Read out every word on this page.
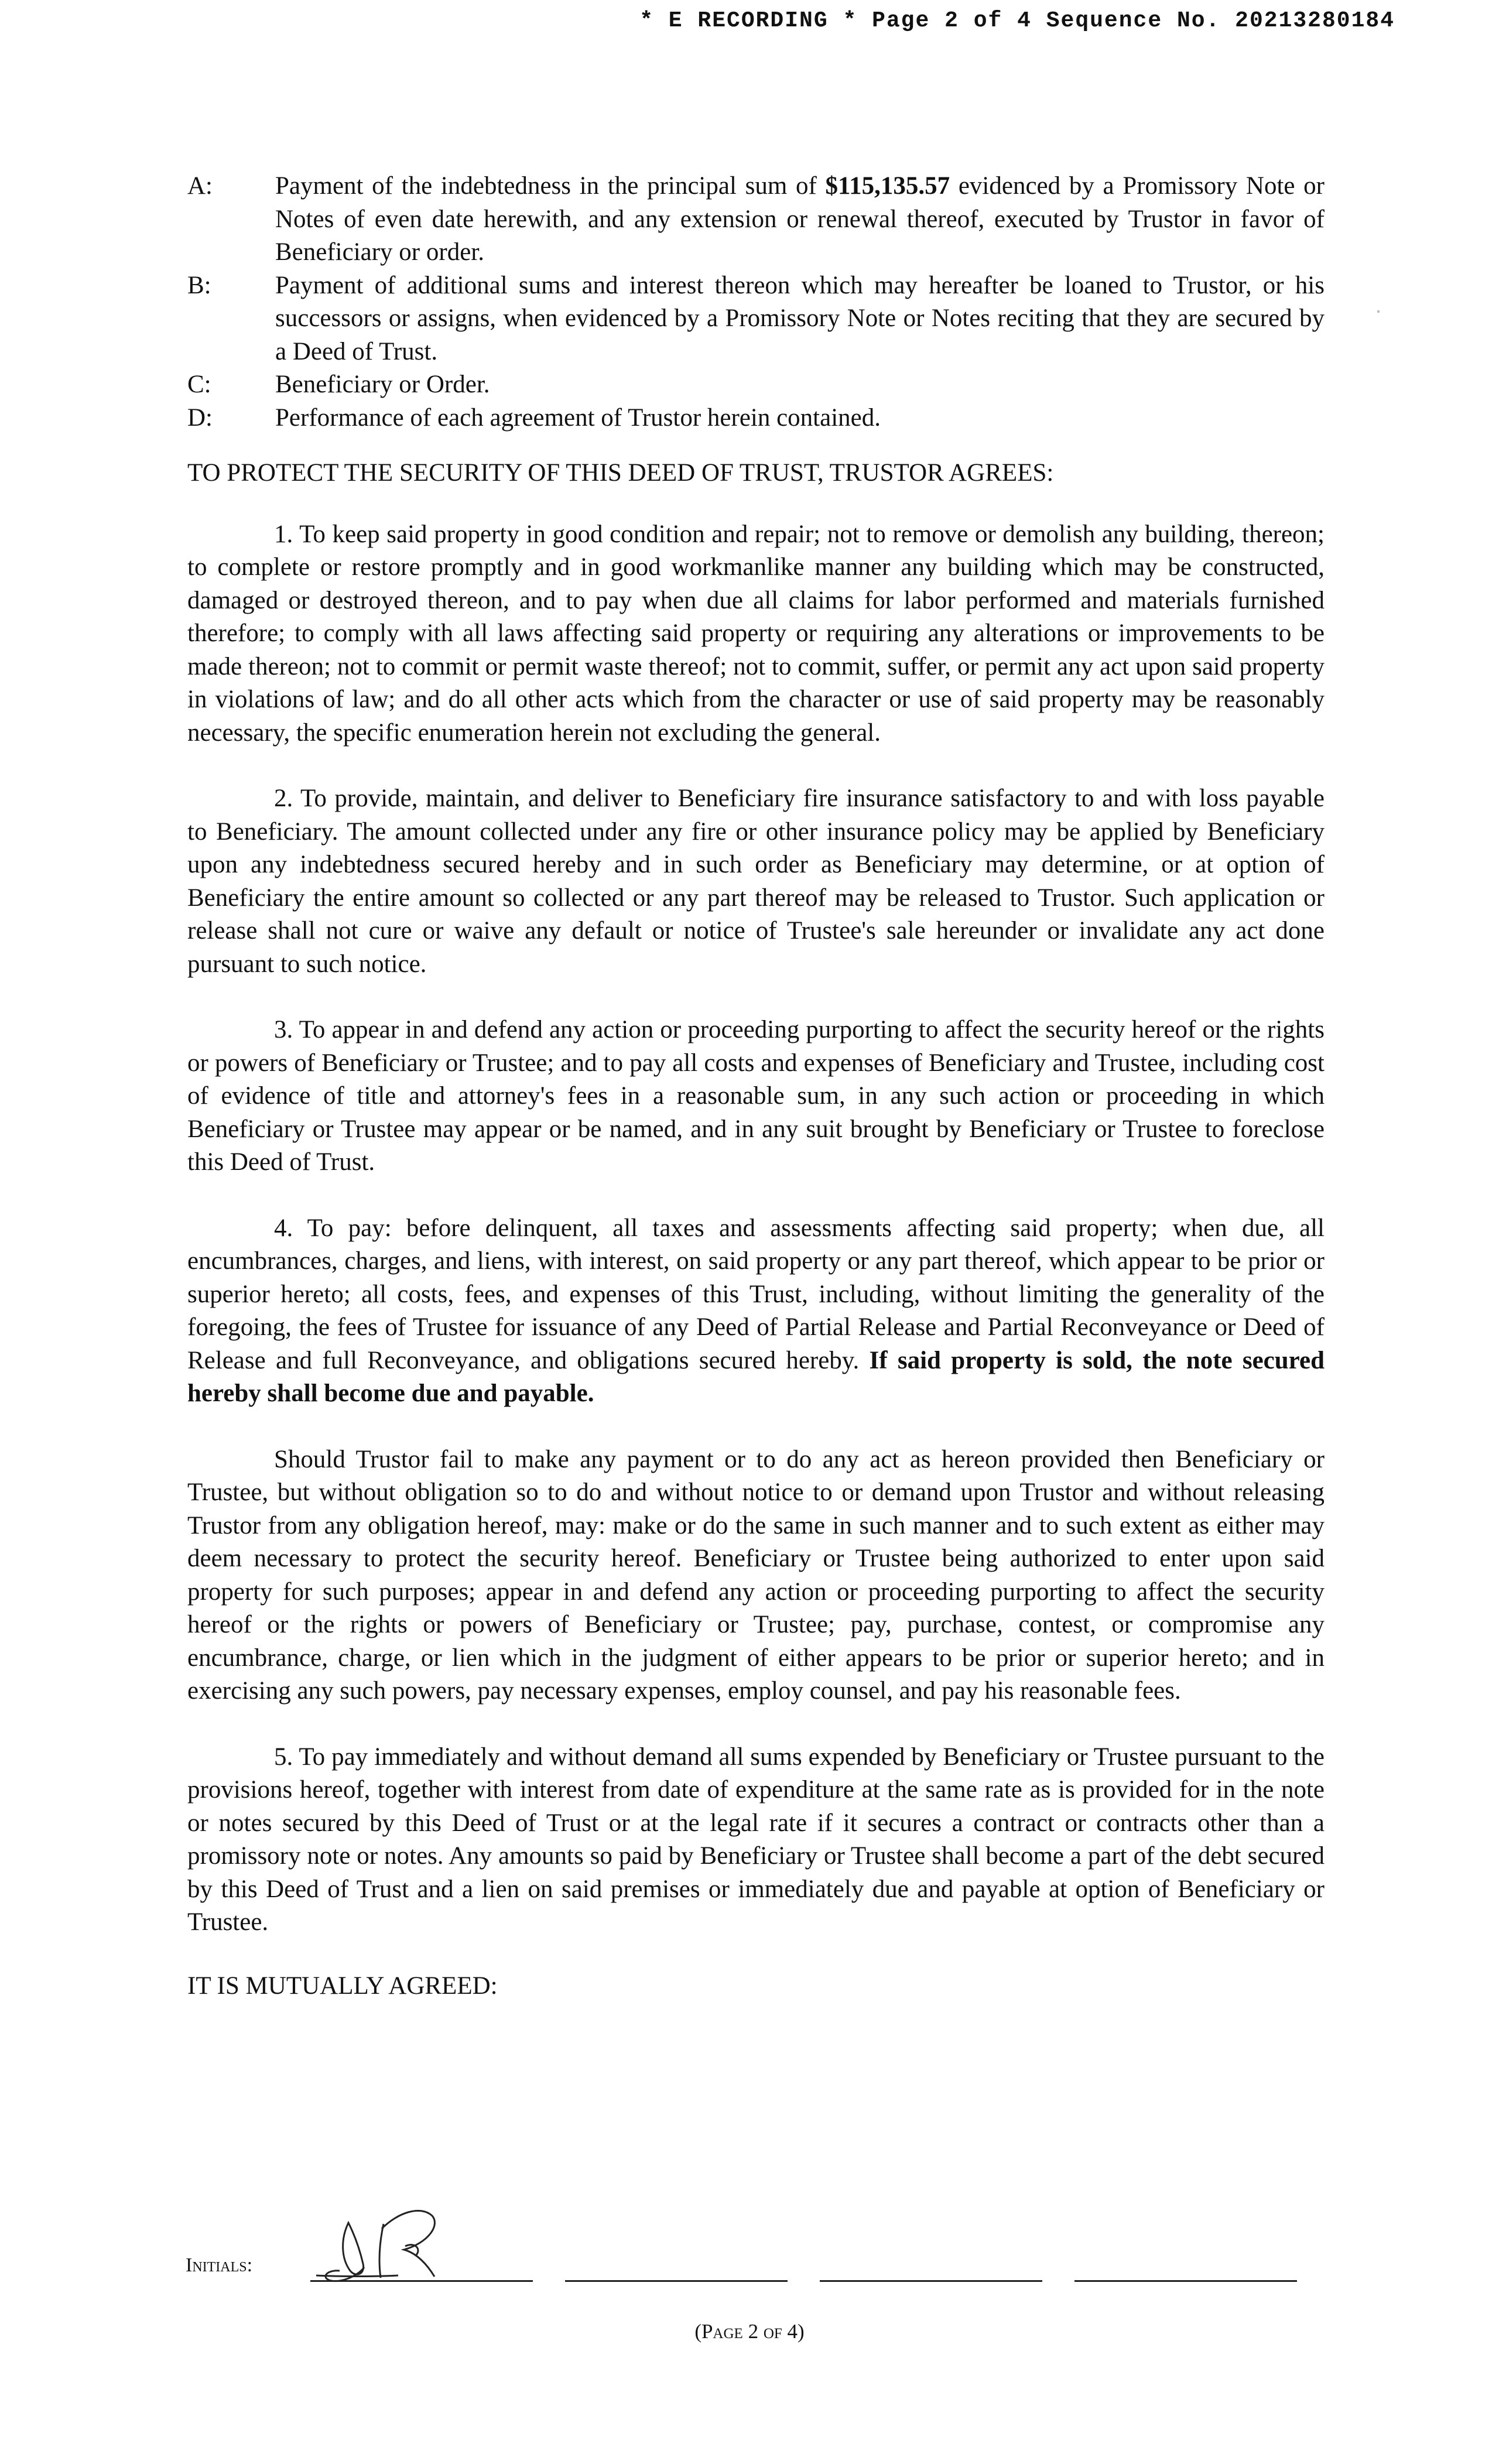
* E RECORDING * Page 2 of 4 Sequence No. 20213280184
A:	Payment of the indebtedness in the principal sum of $115,135.57 evidenced by a Promissory Note or Notes of even date herewith, and any extension or renewal thereof, executed by Trustor in favor of Beneficiary or order.
B:	Payment of additional sums and interest thereon which may hereafter be loaned to Trustor, or his successors or assigns, when evidenced by a Promissory Note or Notes reciting that they are secured by a Deed of Trust.
C:	Beneficiary or Order.
D:	Performance of each agreement of Trustor herein contained.
TO PROTECT THE SECURITY OF THIS DEED OF TRUST, TRUSTOR AGREES:
1. To keep said property in good condition and repair; not to remove or demolish any building, thereon; to complete or restore promptly and in good workmanlike manner any building which may be constructed, damaged or destroyed thereon, and to pay when due all claims for labor performed and materials furnished therefore; to comply with all laws affecting said property or requiring any alterations or improvements to be made thereon; not to commit or permit waste thereof; not to commit, suffer, or permit any act upon said property in violations of law; and do all other acts which from the character or use of said property may be reasonably necessary, the specific enumeration herein not excluding the general.
2. To provide, maintain, and deliver to Beneficiary fire insurance satisfactory to and with loss payable to Beneficiary. The amount collected under any fire or other insurance policy may be applied by Beneficiary upon any indebtedness secured hereby and in such order as Beneficiary may determine, or at option of Beneficiary the entire amount so collected or any part thereof may be released to Trustor. Such application or release shall not cure or waive any default or notice of Trustee's sale hereunder or invalidate any act done pursuant to such notice.
3. To appear in and defend any action or proceeding purporting to affect the security hereof or the rights or powers of Beneficiary or Trustee; and to pay all costs and expenses of Beneficiary and Trustee, including cost of evidence of title and attorney's fees in a reasonable sum, in any such action or proceeding in which Beneficiary or Trustee may appear or be named, and in any suit brought by Beneficiary or Trustee to foreclose this Deed of Trust.
4. To pay: before delinquent, all taxes and assessments affecting said property; when due, all encumbrances, charges, and liens, with interest, on said property or any part thereof, which appear to be prior or superior hereto; all costs, fees, and expenses of this Trust, including, without limiting the generality of the foregoing, the fees of Trustee for issuance of any Deed of Partial Release and Partial Reconveyance or Deed of Release and full Reconveyance, and obligations secured hereby. If said property is sold, the note secured hereby shall become due and payable.
Should Trustor fail to make any payment or to do any act as hereon provided then Beneficiary or Trustee, but without obligation so to do and without notice to or demand upon Trustor and without releasing Trustor from any obligation hereof, may: make or do the same in such manner and to such extent as either may deem necessary to protect the security hereof. Beneficiary or Trustee being authorized to enter upon said property for such purposes; appear in and defend any action or proceeding purporting to affect the security hereof or the rights or powers of Beneficiary or Trustee; pay, purchase, contest, or compromise any encumbrance, charge, or lien which in the judgment of either appears to be prior or superior hereto; and in exercising any such powers, pay necessary expenses, employ counsel, and pay his reasonable fees.
5. To pay immediately and without demand all sums expended by Beneficiary or Trustee pursuant to the provisions hereof, together with interest from date of expenditure at the same rate as is provided for in the note or notes secured by this Deed of Trust or at the legal rate if it secures a contract or contracts other than a promissory note or notes. Any amounts so paid by Beneficiary or Trustee shall become a part of the debt secured by this Deed of Trust and a lien on said premises or immediately due and payable at option of Beneficiary or Trustee.
IT IS MUTUALLY AGREED:
Initials:
(Page 2 of 4)
